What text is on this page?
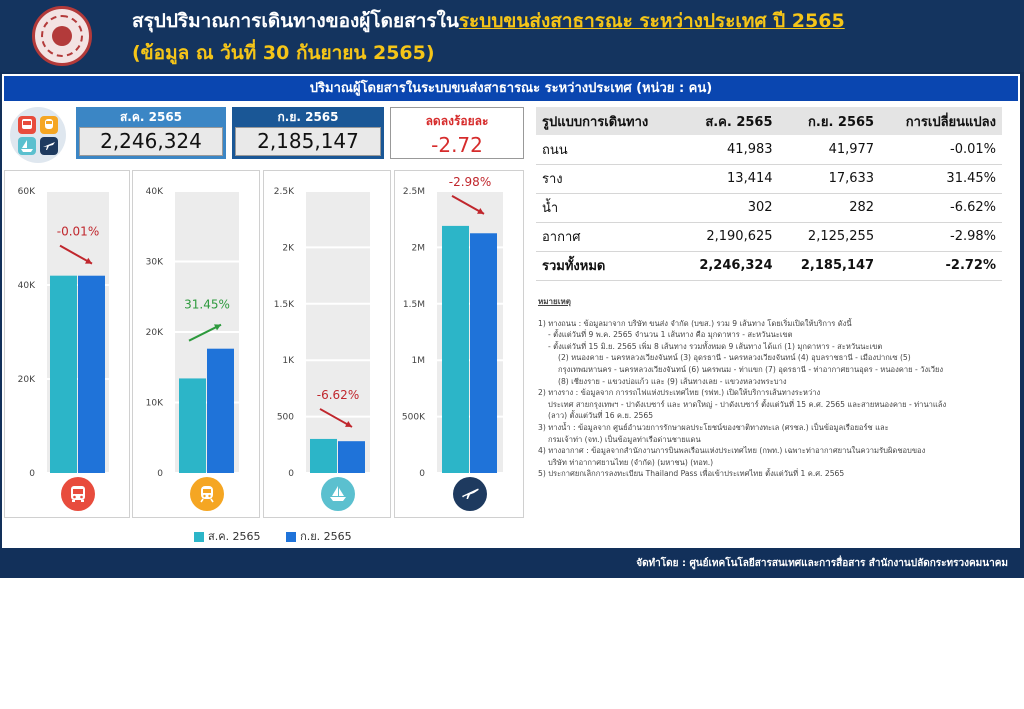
สรุปปริมาณการเดินทางของผู้โดยสารในระบบขนส่งสาธารณะ ระหว่างประเทศ ปี 2565
(ข้อมูล ณ วันที่ 30 กันยายน 2565)
ปริมาณผู้โดยสารในระบบขนส่งสาธารณะ ระหว่างประเทศ (หน่วย : คน)
ส.ค. 2565
2,246,324
ก.ย. 2565
2,185,147
ลดลงร้อยละ
-2.72
0
20K
40K
60K
-0.01%
0
10K
20K
30K
40K
31.45%
0
500
1K
1.5K
2K
2.5K
-6.62%
0
500K
1M
1.5M
2M
2.5M
-2.98%
ส.ค. 2565	ก.ย. 2565
รูปแบบการเดินทาง	ส.ค. 2565	ก.ย. 2565	การเปลี่ยนแปลง
ถนน	41,983	41,977	-0.01%
ราง	13,414	17,633	31.45%
น้ำ	302	282	-6.62%
อากาศ	2,190,625	2,125,255	-2.98%
รวมทั้งหมด	2,246,324	2,185,147	-2.72%
หมายเหตุ
1) ทางถนน : ข้อมูลมาจาก บริษัท ขนส่ง จำกัด (บขส.) รวม 9 เส้นทาง โดยเริ่มเปิดให้บริการ ดังนี้
- ตั้งแต่วันที่ 9 พ.ค. 2565 จำนวน 1 เส้นทาง คือ มุกดาหาร - สะหวันนะเขต
- ตั้งแต่วันที่ 15 มิ.ย. 2565 เพิ่ม 8 เส้นทาง รวมทั้งหมด 9 เส้นทาง ได้แก่ (1) มุกดาหาร - สะหวันนะเขต
(2) หนองคาย - นครหลวงเวียงจันทน์ (3) อุดรธานี - นครหลวงเวียงจันทน์ (4) อุบลราชธานี - เมืองปากเซ (5)
กรุงเทพมหานคร - นครหลวงเวียงจันทน์ (6) นครพนม - ท่าแขก (7) อุดรธานี - ท่าอากาศยานอุดร - หนองคาย - วังเวียง
(8) เชียงราย - แขวงบ่อแก้ว และ (9) เส้นทางเลย - แขวงหลวงพระบาง
2) ทางราง : ข้อมูลจาก การรถไฟแห่งประเทศไทย (รฟท.) เปิดให้บริการเส้นทางระหว่าง
ประเทศ สายกรุงเทพฯ - ปาดังเบซาร์ และ หาดใหญ่ - ปาดังเบซาร์ ตั้งแต่วันที่ 15 ค.ศ. 2565 และสายหนองคาย - ท่านาแล้ง
(ลาว) ตั้งแต่วันที่ 16 ค.ย. 2565
3) ทางน้ำ : ข้อมูลจาก ศูนย์อำนวยการรักษาผลประโยชน์ของชาติทางทะเล (ศรชล.) เป็นข้อมูลเรือยอร์ช และ
กรมเจ้าท่า (จท.) เป็นข้อมูลท่าเรือด่านชายแดน
4) ทางอากาศ : ข้อมูลจากสำนักงานการบินพลเรือนแห่งประเทศไทย (กพท.) เฉพาะท่าอากาศยานในความรับผิดชอบของ
บริษัท ท่าอากาศยานไทย (จำกัด) (มหาชน) (ทอท.)
5) ประกาศยกเลิกการลงทะเบียน Thailand Pass เพื่อเข้าประเทศไทย ตั้งแต่วันที่ 1 ค.ศ. 2565
จัดทำโดย : ศูนย์เทคโนโลยีสารสนเทศและการสื่อสาร สำนักงานปลัดกระทรวงคมนาคม
